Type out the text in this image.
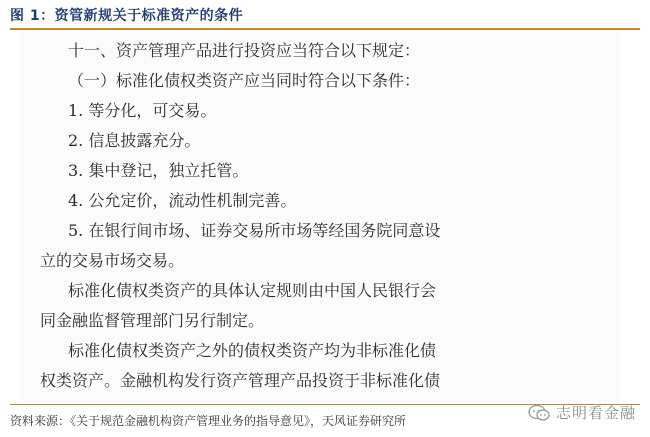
图 1：资管新规关于标准资产的条件
十一、资产管理产品进行投资应当符合以下规定：
（一）标准化债权类资产应当同时符合以下条件：
1. 等分化，可交易。
2. 信息披露充分。
3. 集中登记，独立托管。
4. 公允定价，流动性机制完善。
5. 在银行间市场、证券交易所市场等经国务院同意设
立的交易市场交易。
标准化债权类资产的具体认定规则由中国人民银行会
同金融监督管理部门另行制定。
标准化债权类资产之外的债权类资产均为非标准化债
权类资产。金融机构发行资产管理产品投资于非标准化债
资料来源：《关于规范金融机构资产管理业务的指导意见》，天风证券研究所	志明看金融
